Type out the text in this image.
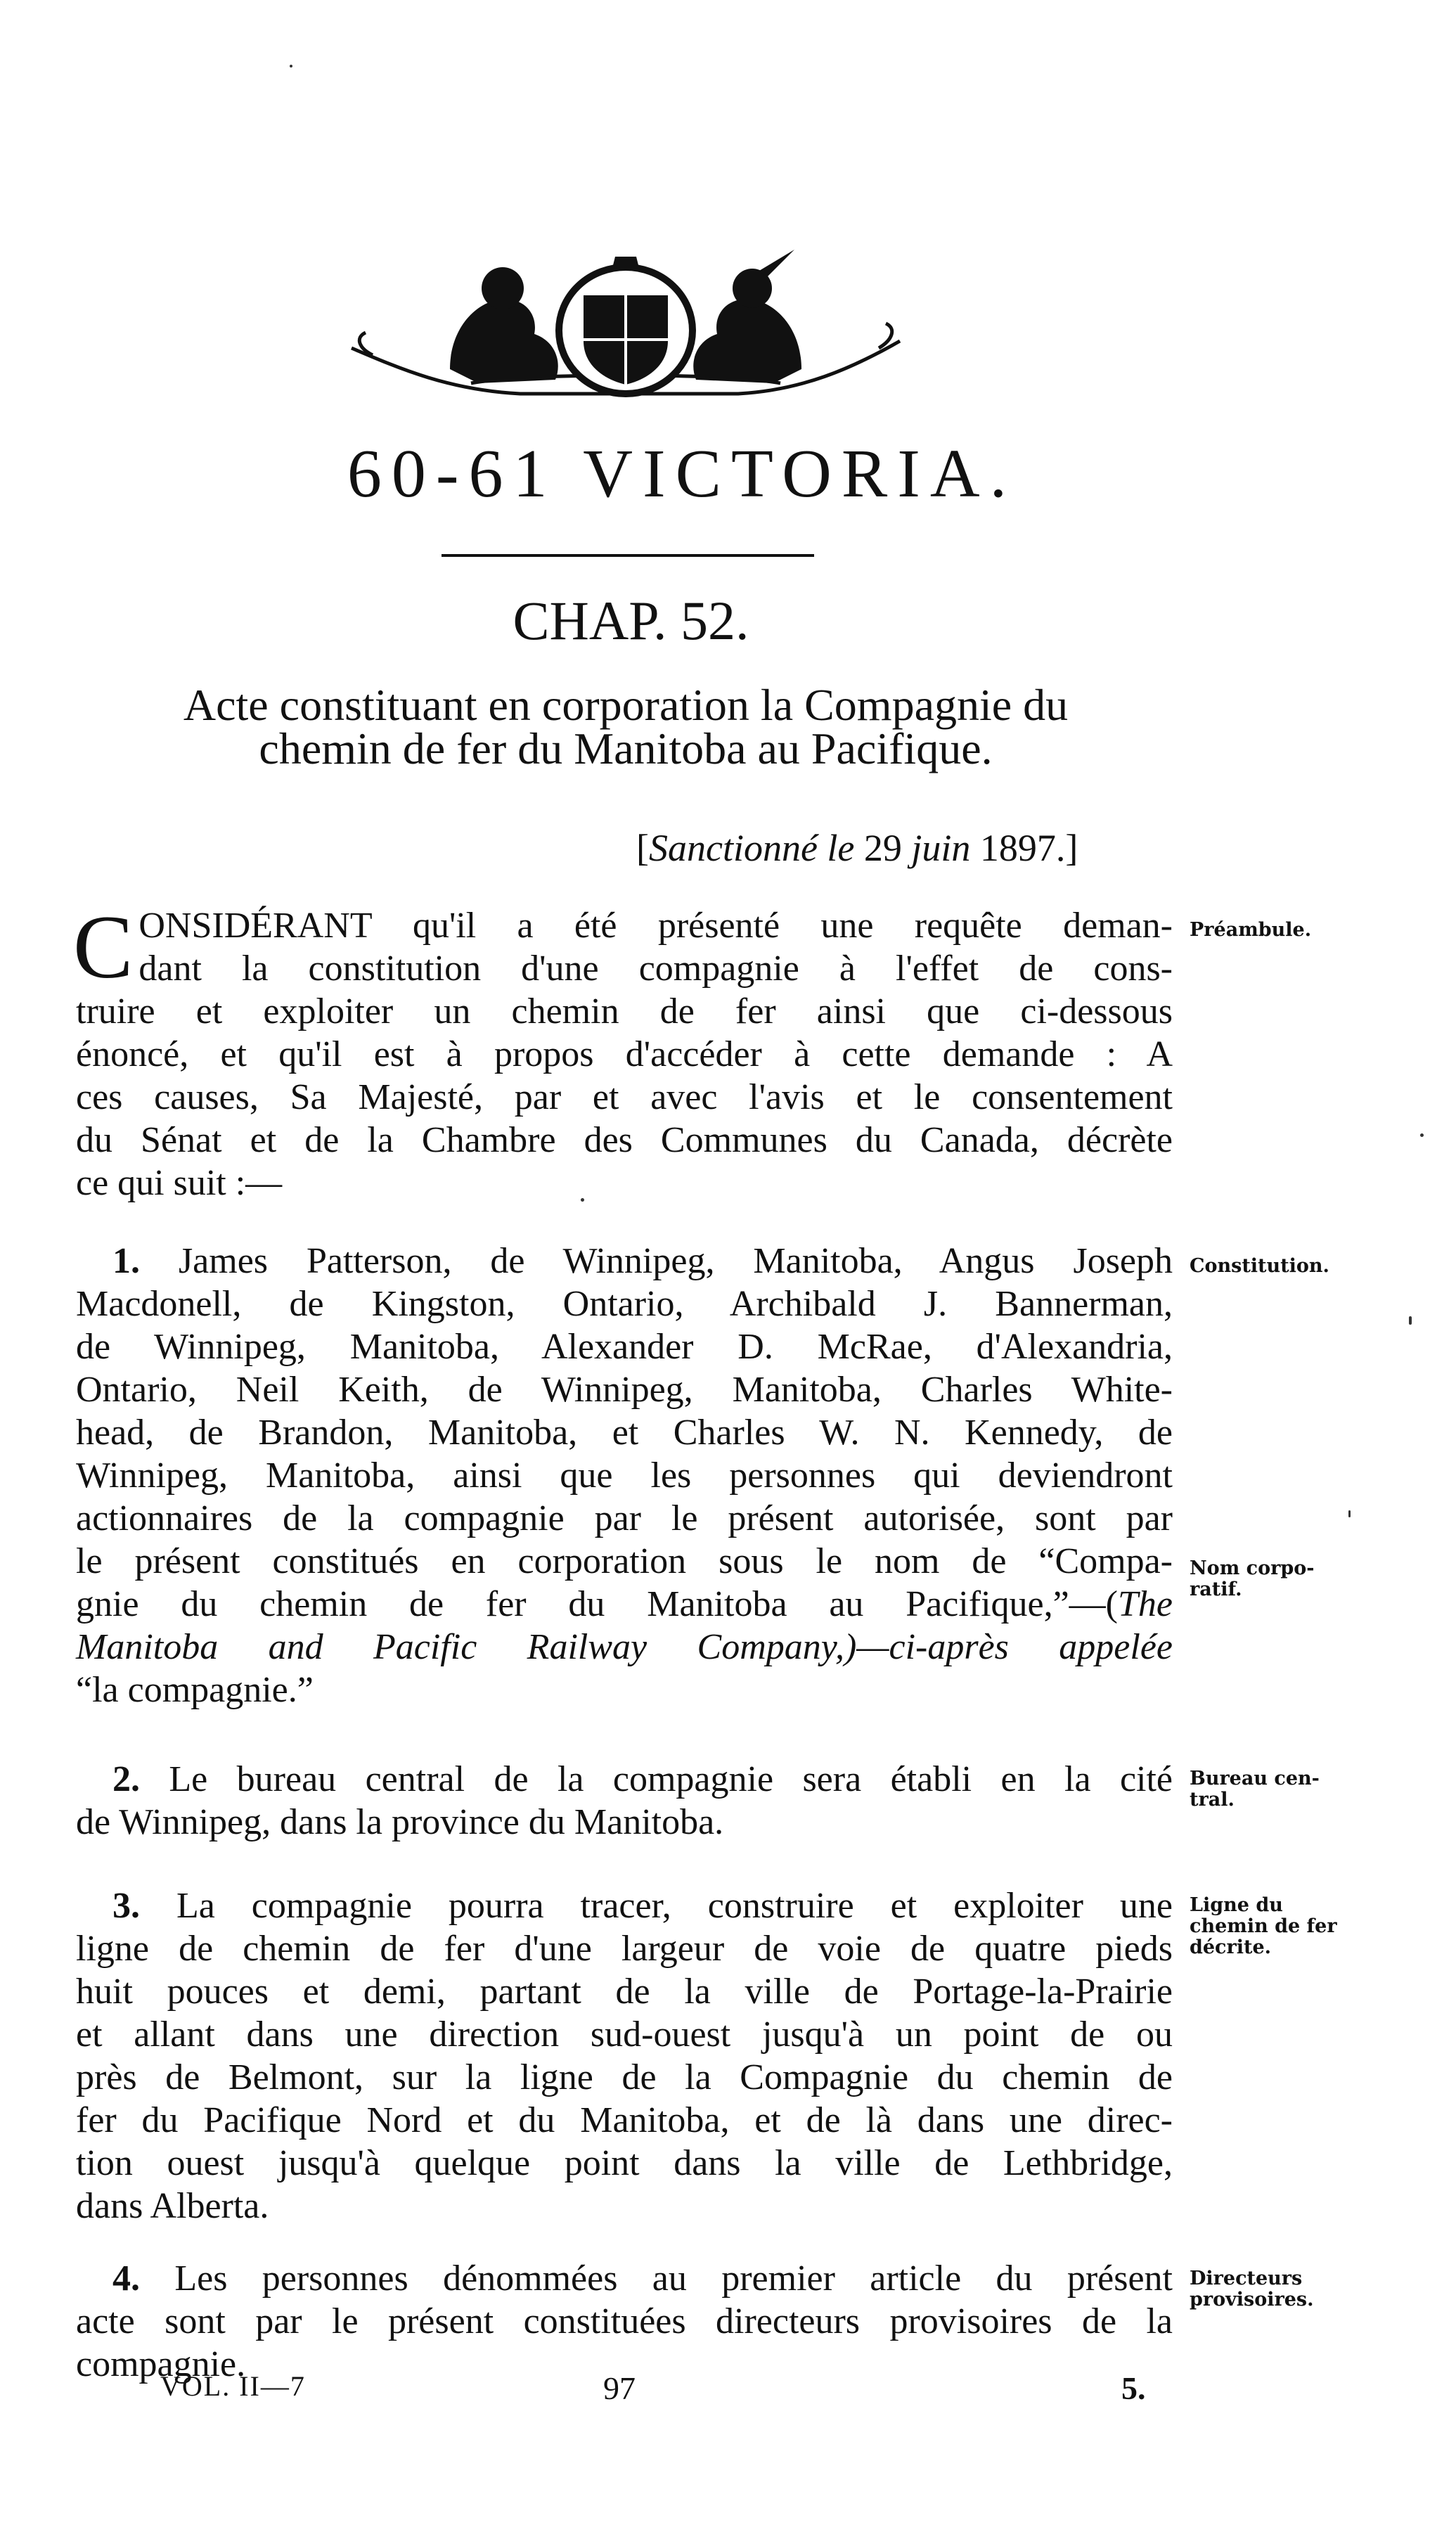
60-61 VICTORIA.
CHAP. 52.
Acte constituant en corporation la Compagnie du
chemin de fer du Manitoba au Pacifique.
[Sanctionné le 29 juin 1897.]
C ONSIDÉRANT qu'il a été présenté une requête deman-
dant la constitution d'une compagnie à l'effet de cons-
truire et exploiter un chemin de fer ainsi que ci-dessous
énoncé, et qu'il est à propos d'accéder à cette demande : A
ces causes, Sa Majesté, par et avec l'avis et le consentement
du Sénat et de la Chambre des Communes du Canada, décrète
ce qui suit :—
Préambule.
1. James Patterson, de Winnipeg, Manitoba, Angus Joseph
Macdonell, de Kingston, Ontario, Archibald J. Bannerman,
de Winnipeg, Manitoba, Alexander D. McRae, d'Alexandria,
Ontario, Neil Keith, de Winnipeg, Manitoba, Charles White-
head, de Brandon, Manitoba, et Charles W. N. Kennedy, de
Winnipeg, Manitoba, ainsi que les personnes qui deviendront
actionnaires de la compagnie par le présent autorisée, sont par
le présent constitués en corporation sous le nom de “Compa-
gnie du chemin de fer du Manitoba au Pacifique,”—(The
Manitoba and Pacific Railway Company,)—ci-après appelée
“la compagnie.”
Constitution.
Nom corpo-
ratif.
2. Le bureau central de la compagnie sera établi en la cité
de Winnipeg, dans la province du Manitoba.
Bureau cen-
tral.
3. La compagnie pourra tracer, construire et exploiter une
ligne de chemin de fer d'une largeur de voie de quatre pieds
huit pouces et demi, partant de la ville de Portage-la-Prairie
et allant dans une direction sud-ouest jusqu'à un point de ou
près de Belmont, sur la ligne de la Compagnie du chemin de
fer du Pacifique Nord et du Manitoba, et de là dans une direc-
tion ouest jusqu'à quelque point dans la ville de Lethbridge,
dans Alberta.
Ligne du
chemin de fer
décrite.
4. Les personnes dénommées au premier article du présent
acte sont par le présent constituées directeurs provisoires de la
compagnie.
Directeurs
provisoires.
VOL. II—7	97	5.
